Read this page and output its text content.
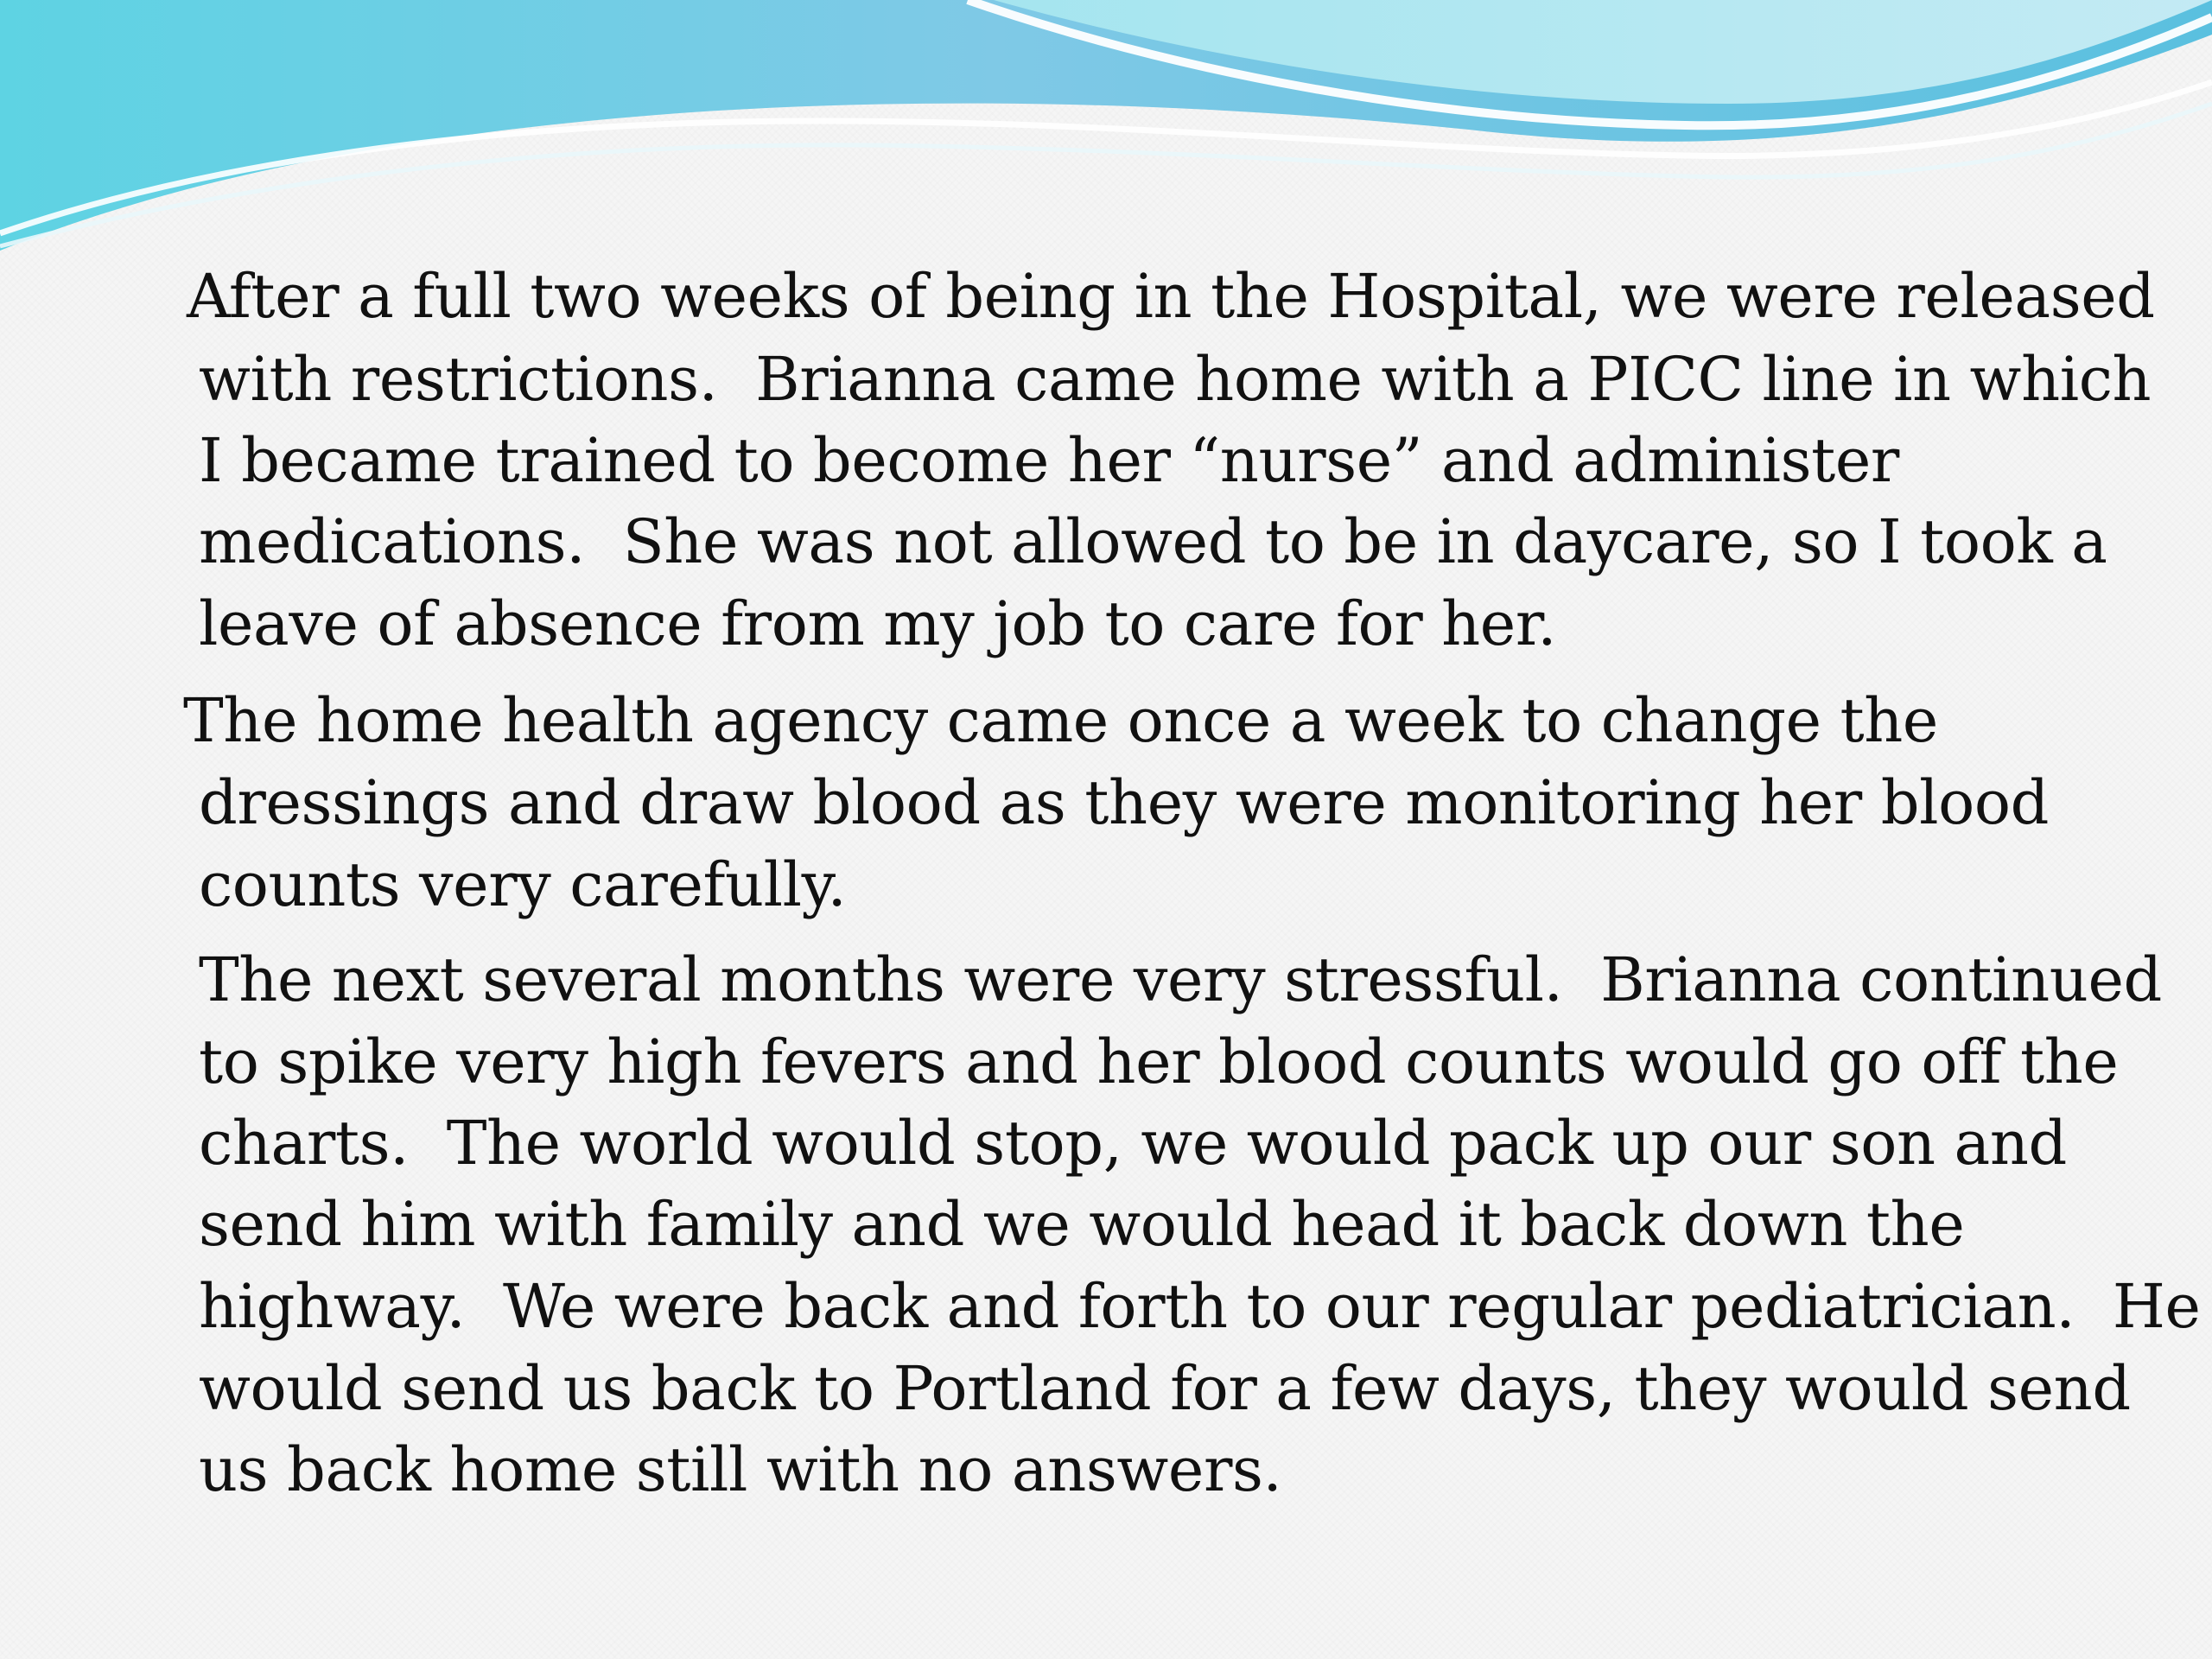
After a full two weeks of being in the Hospital, we were released
with restrictions.  Brianna came home with a PICC line in which
I became trained to become her “nurse” and administer
medications.  She was not allowed to be in daycare, so I took a
leave of absence from my job to care for her.
The home health agency came once a week to change the
dressings and draw blood as they were monitoring her blood
counts very carefully.
The next several months were very stressful.  Brianna continued
to spike very high fevers and her blood counts would go off the
charts.  The world would stop, we would pack up our son and
send him with family and we would head it back down the
highway.  We were back and forth to our regular pediatrician.  He
would send us back to Portland for a few days, they would send
us back home still with no answers.
